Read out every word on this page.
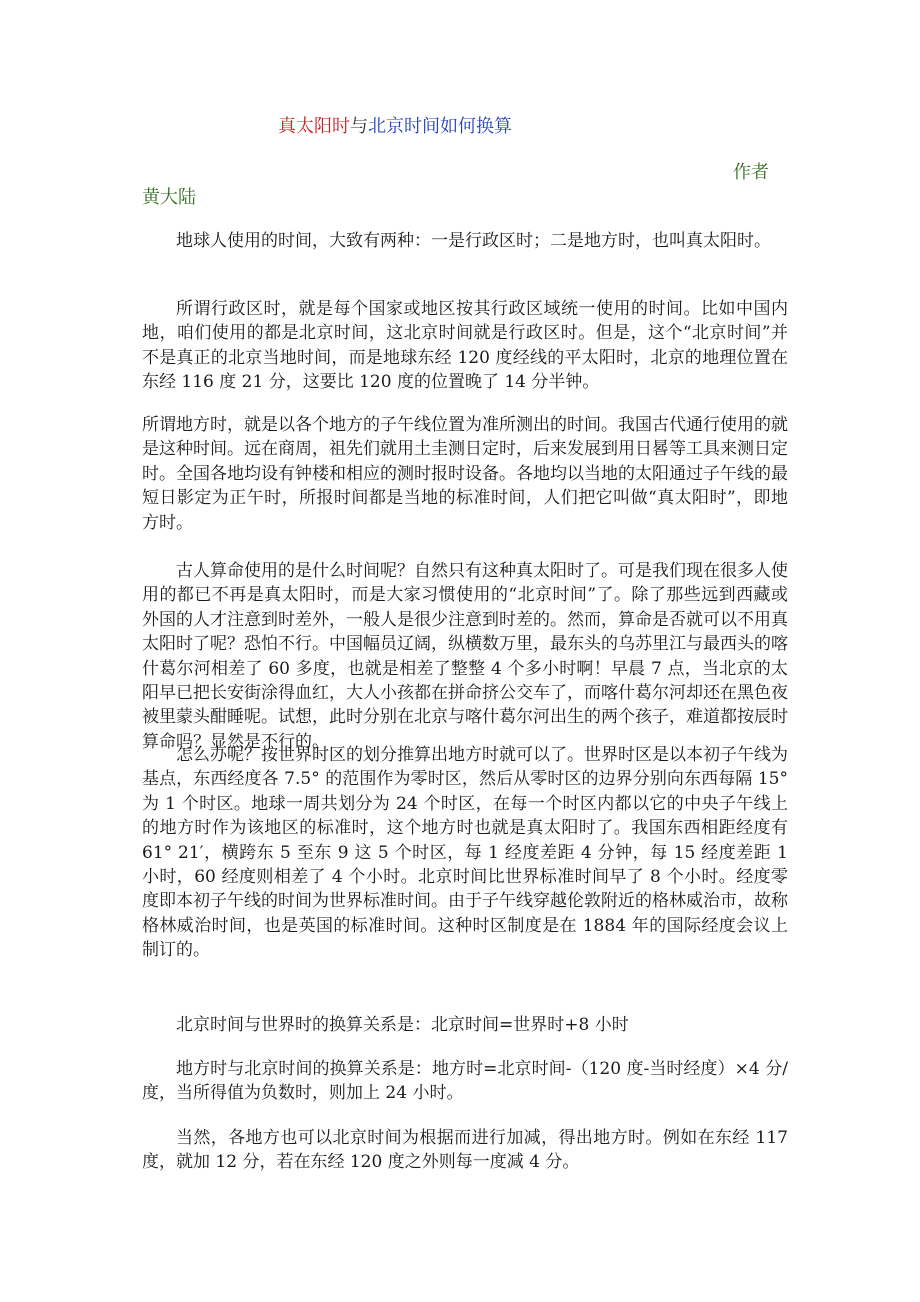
真太阳时与北京时间如何换算
作者
黄大陆

地球人使用的时间，大致有两种：一是行政区时；二是地方时，也叫真太阳时。

所谓行政区时，就是每个国家或地区按其行政区域统一使用的时间。比如中国内地，咱们使用的都是北京时间，这北京时间就是行政区时。但是，这个“北京时间”并不是真正的北京当地时间，而是地球东经 120 度经线的平太阳时，北京的地理位置在东经 116 度 21 分，这要比 120 度的位置晚了 14 分半钟。

所谓地方时，就是以各个地方的子午线位置为准所测出的时间。我国古代通行使用的就是这种时间。远在商周，祖先们就用土圭测日定时，后来发展到用日晷等工具来测日定时。全国各地均设有钟楼和相应的测时报时设备。各地均以当地的太阳通过子午线的最短日影定为正午时，所报时间都是当地的标准时间，人们把它叫做“真太阳时”，即地方时。

古人算命使用的是什么时间呢？自然只有这种真太阳时了。可是我们现在很多人使用的都已不再是真太阳时，而是大家习惯使用的“北京时间”了。除了那些远到西藏或外国的人才注意到时差外，一般人是很少注意到时差的。然而，算命是否就可以不用真太阳时了呢？恐怕不行。中国幅员辽阔，纵横数万里，最东头的乌苏里江与最西头的喀什葛尔河相差了 60 多度，也就是相差了整整 4 个多小时啊！早晨 7 点，当北京的太阳早已把长安街涂得血红，大人小孩都在拼命挤公交车了，而喀什葛尔河却还在黑色夜被里蒙头酣睡呢。试想，此时分别在北京与喀什葛尔河出生的两个孩子，难道都按辰时算命吗？显然是不行的。

怎么办呢？按世界时区的划分推算出地方时就可以了。世界时区是以本初子午线为基点，东西经度各 7.5° 的范围作为零时区，然后从零时区的边界分别向东西每隔 15° 为 1 个时区。地球一周共划分为 24 个时区，在每一个时区内都以它的中央子午线上的地方时作为该地区的标准时，这个地方时也就是真太阳时了。我国东西相距经度有 61° 21′，横跨东 5 至东 9 这 5 个时区，每 1 经度差距 4 分钟，每 15 经度差距 1 小时，60 经度则相差了 4 个小时。北京时间比世界标准时间早了 8 个小时。经度零度即本初子午线的时间为世界标准时间。由于子午线穿越伦敦附近的格林威治市，故称格林威治时间，也是英国的标准时间。这种时区制度是在 1884 年的国际经度会议上制订的。

北京时间与世界时的换算关系是：北京时间=世界时+8 小时

地方时与北京时间的换算关系是：地方时=北京时间-（120 度-当时经度）×4 分/度，当所得值为负数时，则加上 24 小时。

当然，各地方也可以北京时间为根据而进行加减，得出地方时。例如在东经 117 度，就加 12 分，若在东经 120 度之外则每一度减 4 分。
